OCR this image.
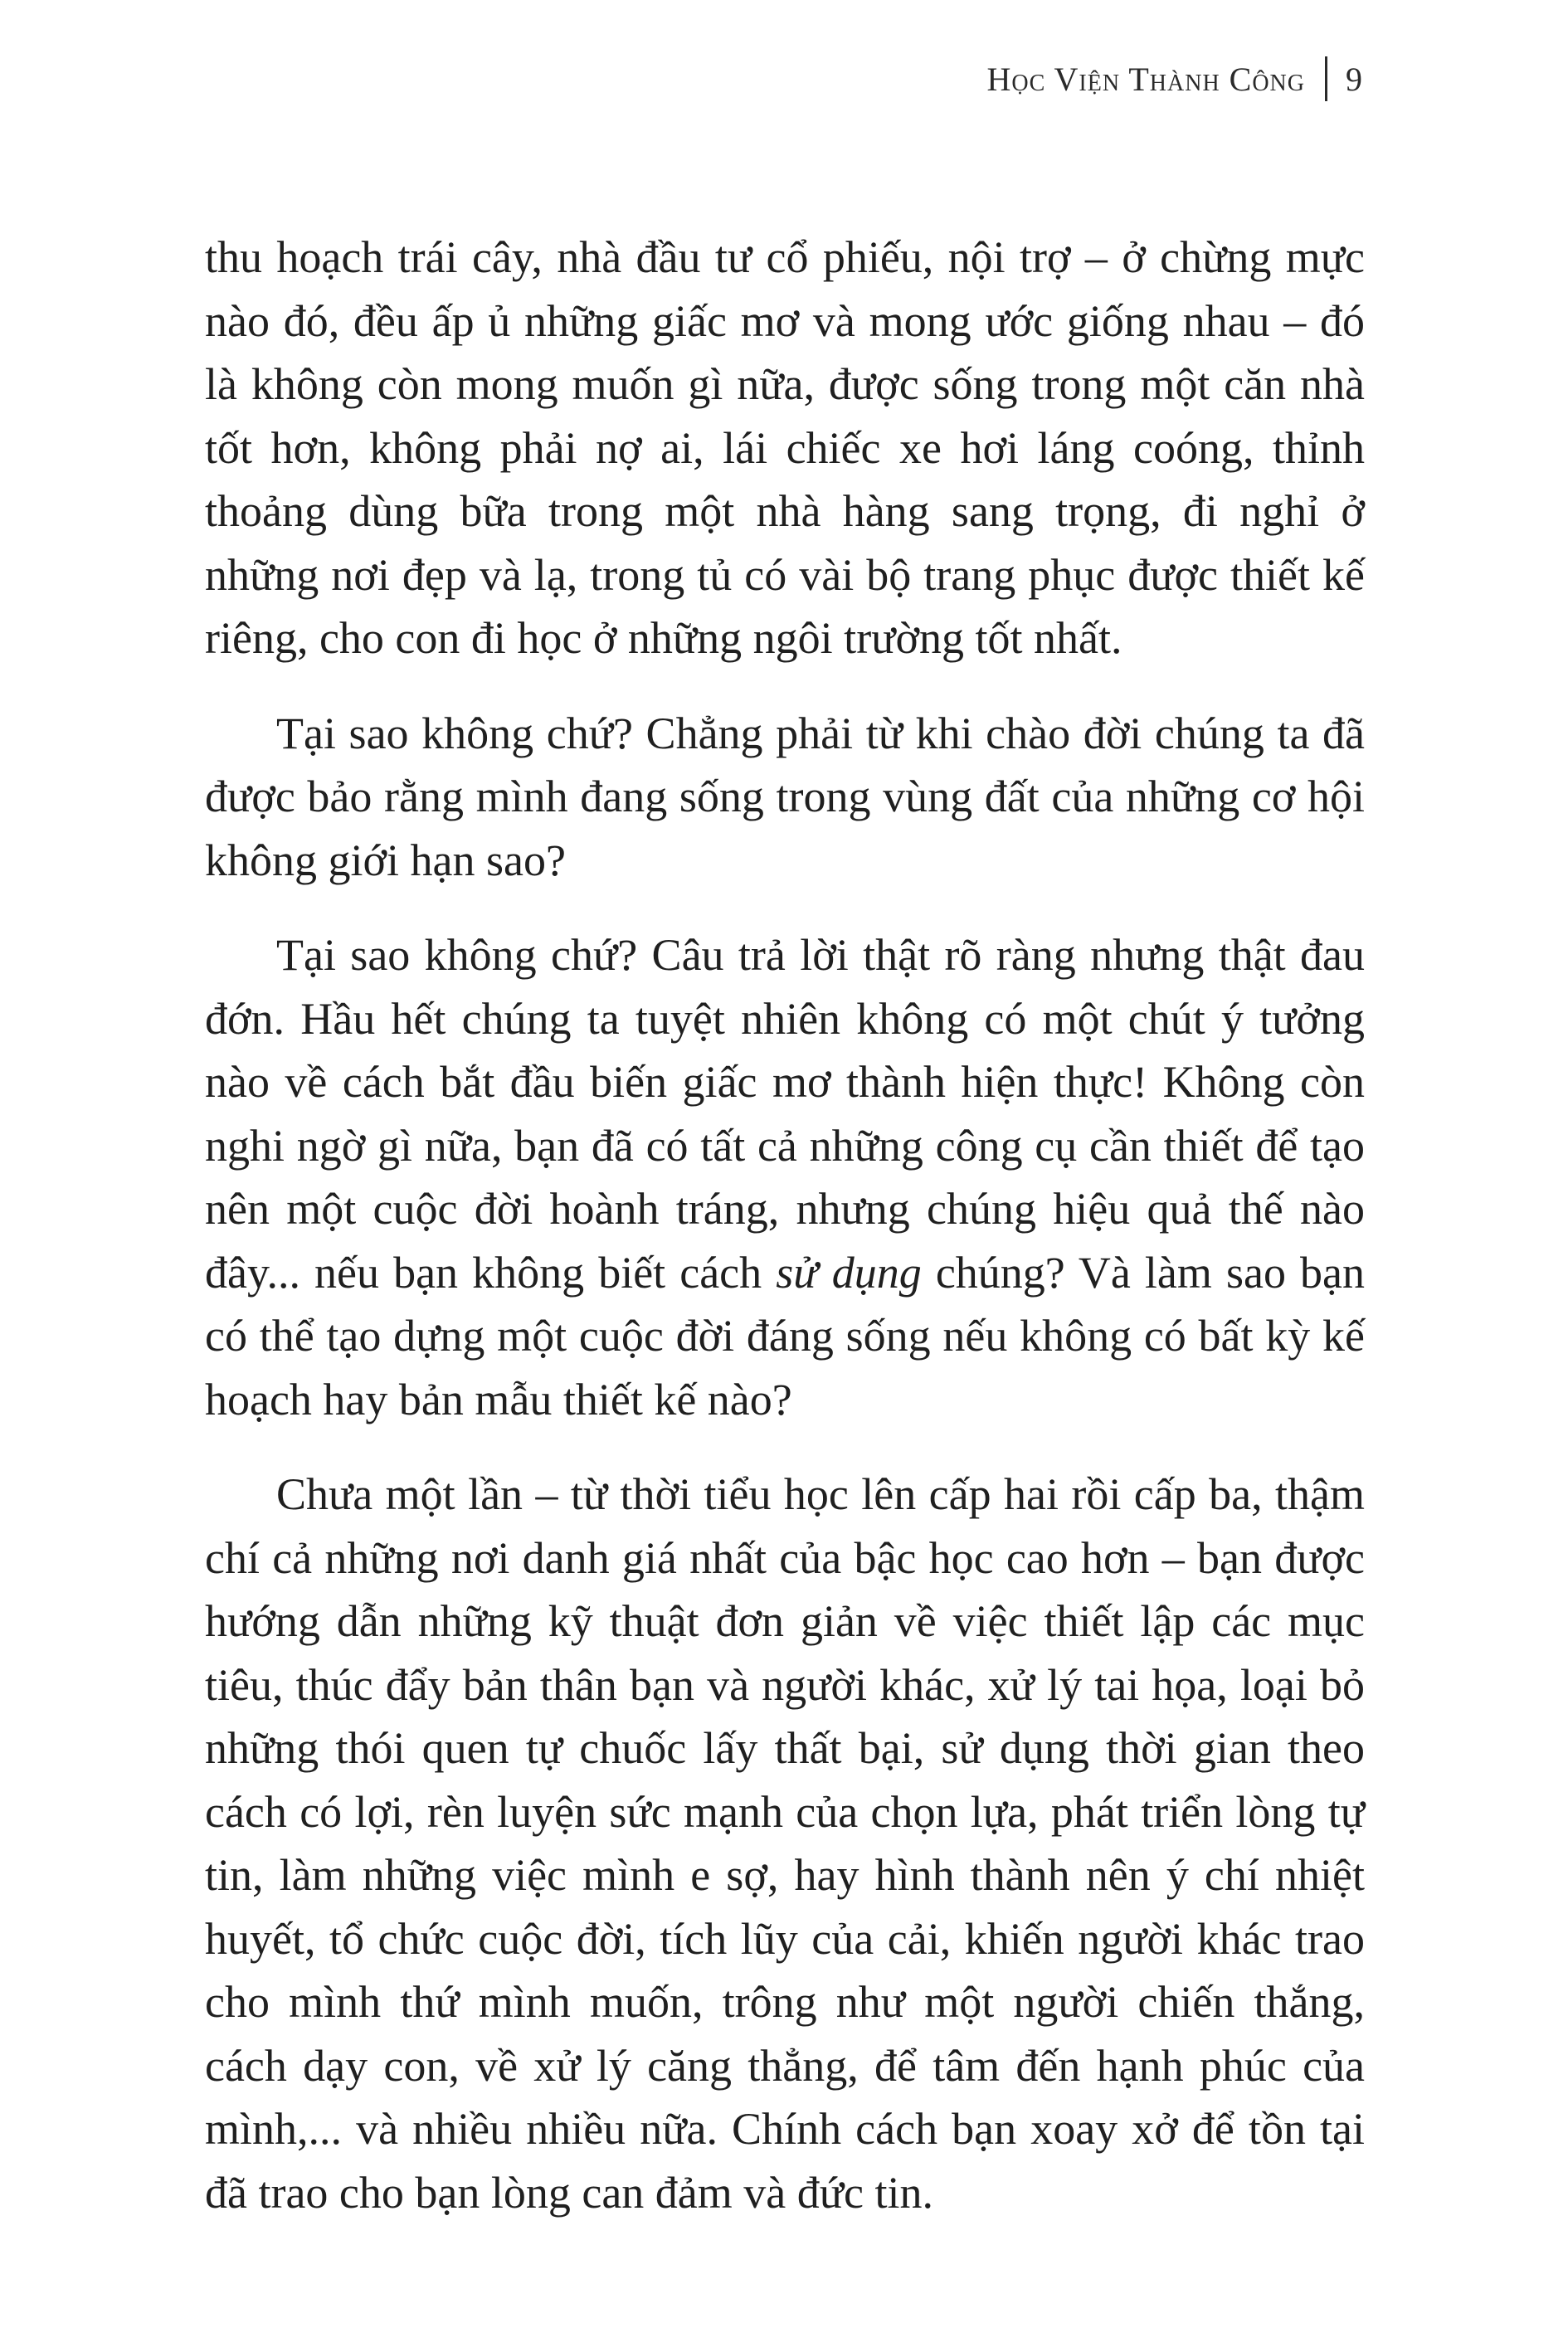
Học Viện Thành Công 9

thu hoạch trái cây, nhà đầu tư cổ phiếu, nội trợ – ở chừng mực nào đó, đều ấp ủ những giấc mơ và mong ước giống nhau – đó là không còn mong muốn gì nữa, được sống trong một căn nhà tốt hơn, không phải nợ ai, lái chiếc xe hơi láng coóng, thỉnh thoảng dùng bữa trong một nhà hàng sang trọng, đi nghỉ ở những nơi đẹp và lạ, trong tủ có vài bộ trang phục được thiết kế riêng, cho con đi học ở những ngôi trường tốt nhất.

Tại sao không chứ? Chẳng phải từ khi chào đời chúng ta đã được bảo rằng mình đang sống trong vùng đất của những cơ hội không giới hạn sao?

Tại sao không chứ? Câu trả lời thật rõ ràng nhưng thật đau đớn. Hầu hết chúng ta tuyệt nhiên không có một chút ý tưởng nào về cách bắt đầu biến giấc mơ thành hiện thực! Không còn nghi ngờ gì nữa, bạn đã có tất cả những công cụ cần thiết để tạo nên một cuộc đời hoành tráng, nhưng chúng hiệu quả thế nào đây... nếu bạn không biết cách sử dụng chúng? Và làm sao bạn có thể tạo dựng một cuộc đời đáng sống nếu không có bất kỳ kế hoạch hay bản mẫu thiết kế nào?

Chưa một lần – từ thời tiểu học lên cấp hai rồi cấp ba, thậm chí cả những nơi danh giá nhất của bậc học cao hơn – bạn được hướng dẫn những kỹ thuật đơn giản về việc thiết lập các mục tiêu, thúc đẩy bản thân bạn và người khác, xử lý tai họa, loại bỏ những thói quen tự chuốc lấy thất bại, sử dụng thời gian theo cách có lợi, rèn luyện sức mạnh của chọn lựa, phát triển lòng tự tin, làm những việc mình e sợ, hay hình thành nên ý chí nhiệt huyết, tổ chức cuộc đời, tích lũy của cải, khiến người khác trao cho mình thứ mình muốn, trông như một người chiến thắng, cách dạy con, về xử lý căng thẳng, để tâm đến hạnh phúc của mình,... và nhiều nhiều nữa. Chính cách bạn xoay xở để tồn tại đã trao cho bạn lòng can đảm và đức tin.
